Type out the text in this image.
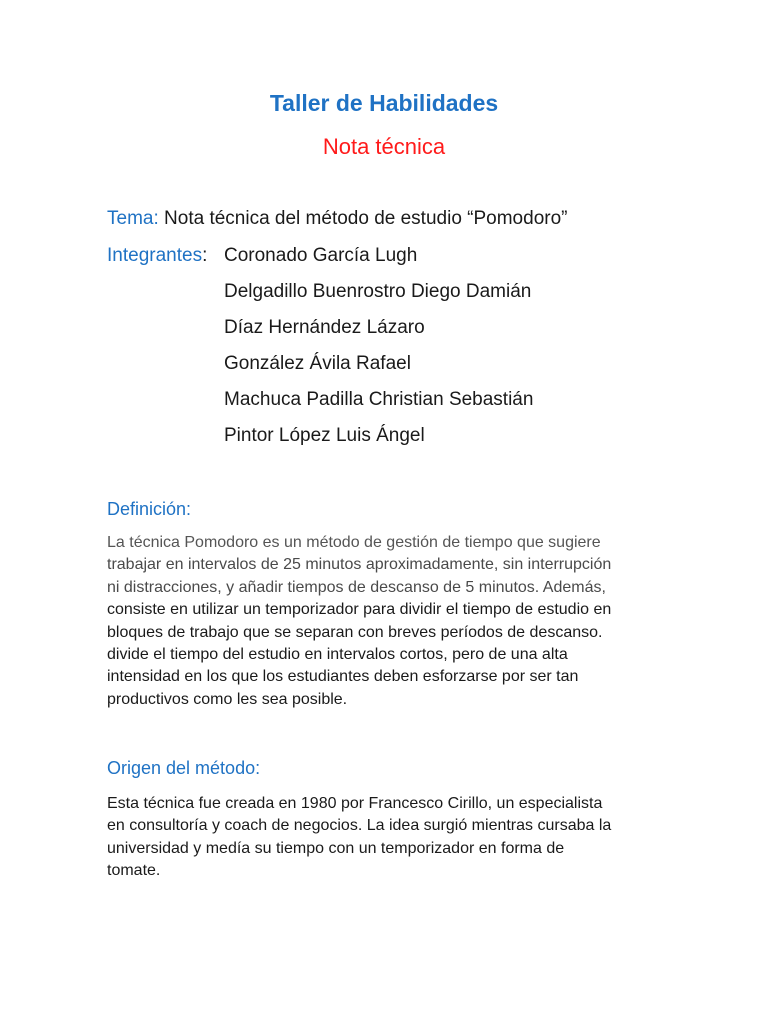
Taller de Habilidades
Nota técnica
Tema: Nota técnica del método de estudio “Pomodoro”
Integrantes: Coronado García Lugh
Delgadillo Buenrostro Diego Damián
Díaz Hernández Lázaro
González Ávila Rafael
Machuca Padilla Christian Sebastián
Pintor López Luis Ángel
Definición:
La técnica Pomodoro es un método de gestión de tiempo que sugiere
trabajar en intervalos de 25 minutos aproximadamente, sin interrupción
ni distracciones, y añadir tiempos de descanso de 5 minutos. Además,
consiste en utilizar un temporizador para dividir el tiempo de estudio en
bloques de trabajo que se separan con breves períodos de descanso.
divide el tiempo del estudio en intervalos cortos, pero de una alta
intensidad en los que los estudiantes deben esforzarse por ser tan
productivos como les sea posible.
Origen del método:
Esta técnica fue creada en 1980 por Francesco Cirillo, un especialista
en consultoría y coach de negocios. La idea surgió mientras cursaba la
universidad y medía su tiempo con un temporizador en forma de
tomate.
